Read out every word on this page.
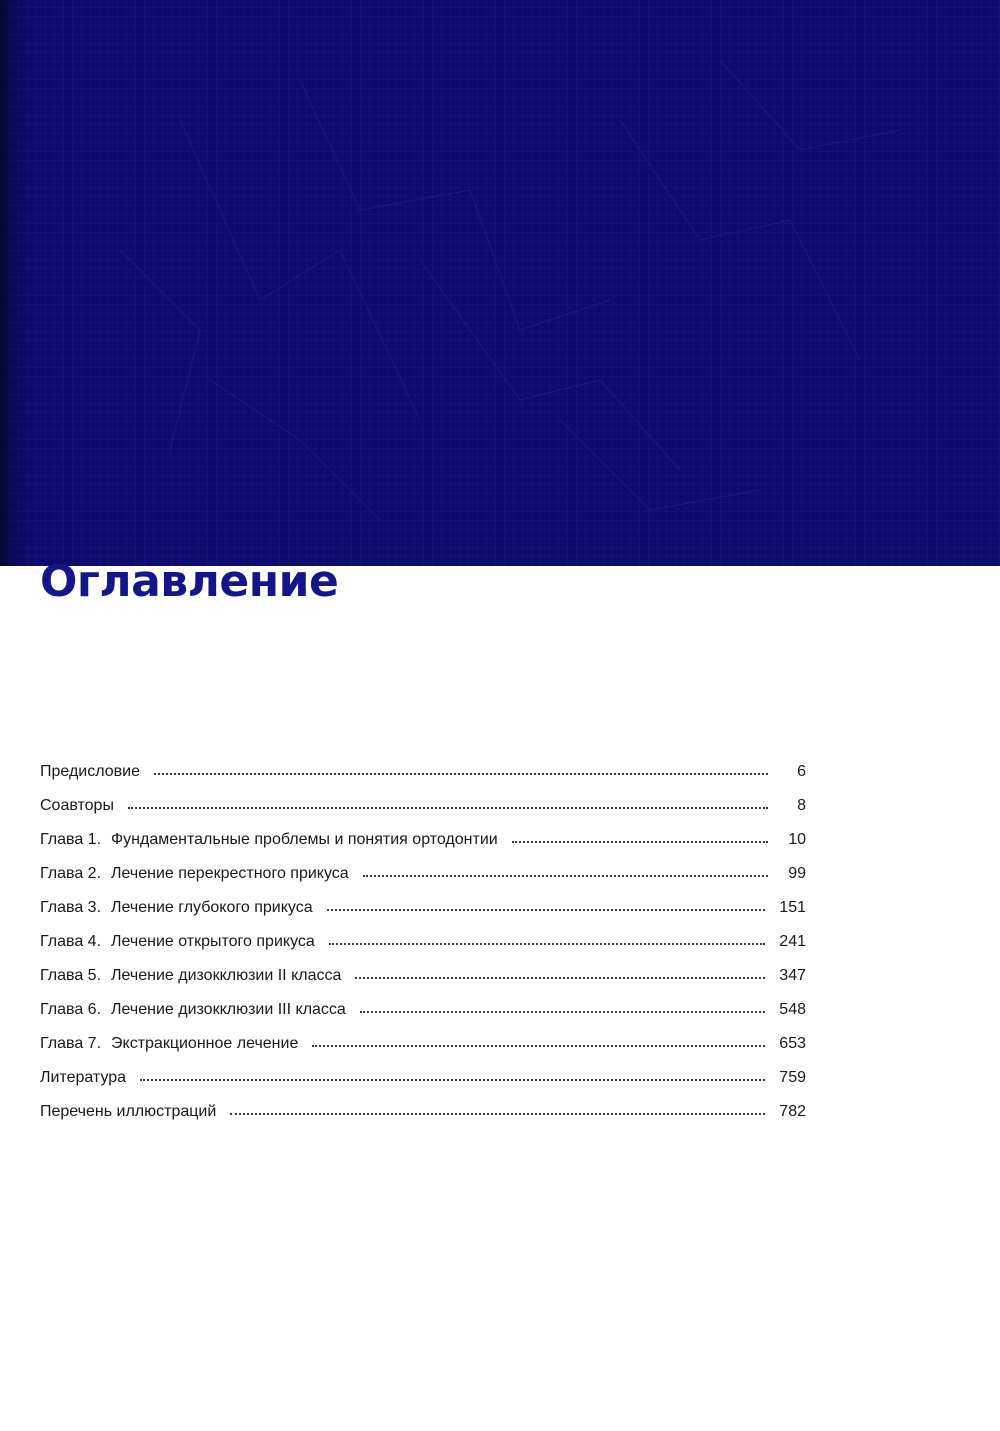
Оглавление
Предисловие	6
Соавторы	8
Глава 1. Фундаментальные проблемы и понятия ортодонтии	10
Глава 2. Лечение перекрестного прикуса	99
Глава 3. Лечение глубокого прикуса	151
Глава 4. Лечение открытого прикуса	241
Глава 5. Лечение дизокклюзии II класса	347
Глава 6. Лечение дизокклюзии III класса	548
Глава 7. Экстракционное лечение	653
Литература	759
Перечень иллюстраций	782
